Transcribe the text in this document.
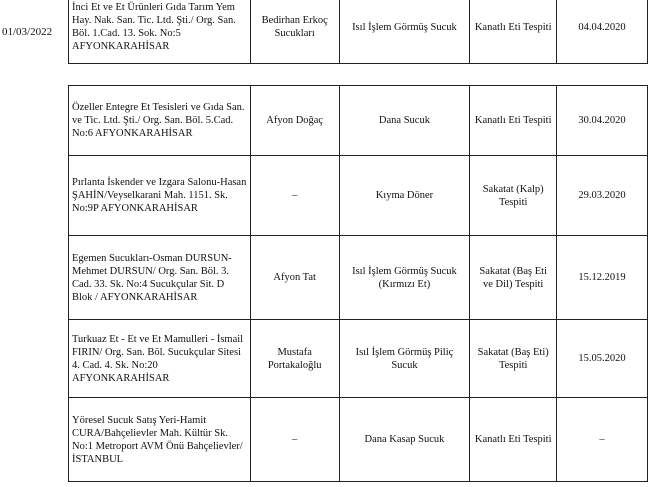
01/03/2022
İnci Et ve Et Ürünleri Gıda Tarım Yem Hay. Nak. San. Tic. Ltd. Şti./ Org. San. Böl. 1.Cad. 13. Sok. No:5 AFYONKARAHİSAR	Bedirhan Erkoç Sucukları	Isıl İşlem Görmüş Sucuk	Kanatlı Eti Tespiti	04.04.2020
Özeller Entegre Et Tesisleri ve Gıda San. ve Tic. Ltd. Şti./ Org. San. Böl. 5.Cad. No:6 AFYONKARAHİSAR	Afyon Doğaç	Dana Sucuk	Kanatlı Eti Tespiti	30.04.2020
Pırlanta İskender ve Izgara Salonu-Hasan ŞAHİN/Veyselkarani Mah. 1151. Sk. No:9P AFYONKARAHİSAR	–	Kıyma Döner	Sakatat (Kalp) Tespiti	29.03.2020
Egemen Sucukları-Osman DURSUN-Mehmet DURSUN/ Org. San. Böl. 3. Cad. 33. Sk. No:4 Sucukçular Sit. D Blok / AFYONKARAHİSAR	Afyon Tat	Isıl İşlem Görmüş Sucuk (Kırmızı Et)	Sakatat (Baş Eti ve Dil) Tespiti	15.12.2019
Turkuaz Et - Et ve Et Mamulleri - İsmail FIRIN/ Org. San. Böl. Sucukçular Sitesi 4. Cad. 4. Sk. No:20 AFYONKARAHİSAR	Mustafa Portakaloğlu	Isıl İşlem Görmüş Piliç Sucuk	Sakatat (Baş Eti) Tespiti	15.05.2020
Yöresel Sucuk Satış Yeri-Hamit CURA/Bahçelievler Mah. Kültür Sk. No:1 Metroport AVM Önü Bahçelievler/İSTANBUL	–	Dana Kasap Sucuk	Kanatlı Eti Tespiti	–
